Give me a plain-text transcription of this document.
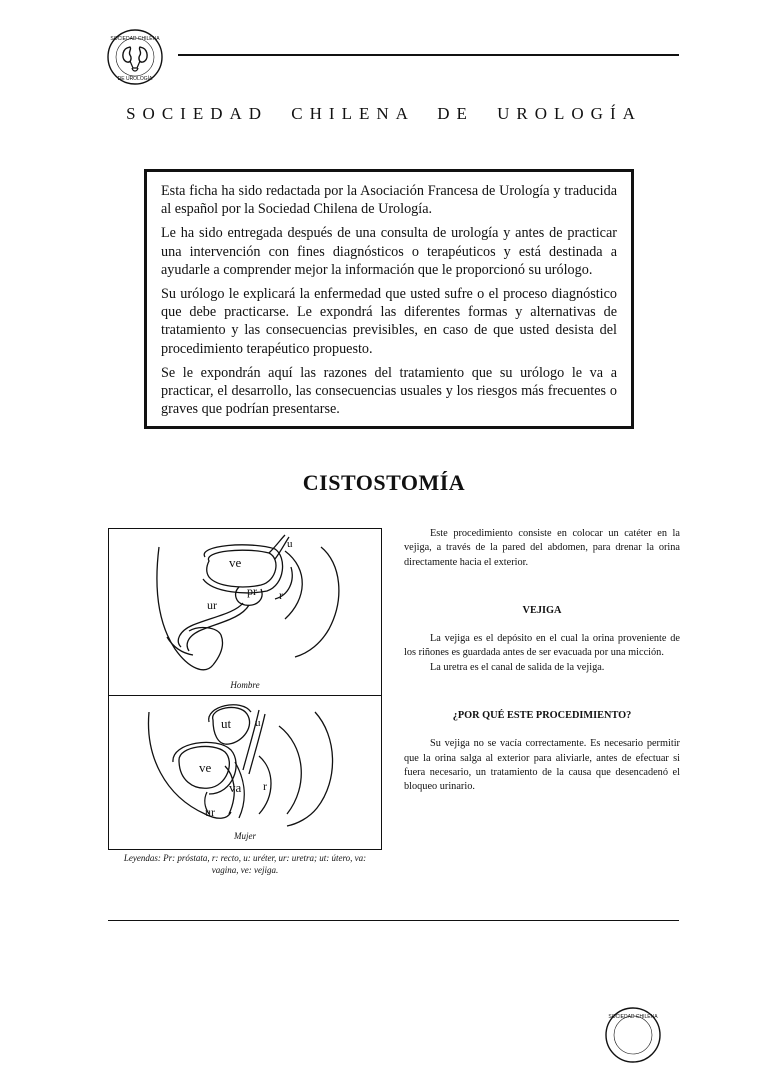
SOCIEDAD CHILENA
DE UROLOGÍA
SOCIEDAD CHILENA DE UROLOGÍA

Esta ficha ha sido redactada por la Asociación Francesa de Urología y traducida al español por la Sociedad Chilena de Urología.

Le ha sido entregada después de una consulta de urología y antes de practicar una intervención con fines diagnósticos o terapéuticos y está destinada a ayudarle a comprender mejor la información que le proporcionó su urólogo.

Su urólogo le explicará la enfermedad que usted sufre o el proceso diagnóstico que debe practicarse. Le expondrá las diferentes formas y alternativas de tratamiento y las consecuencias previsibles, en caso de que usted desista del procedimiento terapéutico propuesto.

Se le expondrán aquí las razones del tratamiento que su urólogo le va a practicar, el desarrollo, las consecuencias usuales y los riesgos más frecuentes o graves que podrían presentarse.

CISTOSTOMÍA
ve
u
pr r
ur
Hombre
ut u
ve
va r
ur
Mujer
Leyendas: Pr: próstata, r: recto, u: uréter, ur: uretra; ut: útero, va: vagina, ve: vejiga.

Este procedimiento consiste en colocar un catéter en la vejiga, a través de la pared del abdomen, para drenar la orina directamente hacia el exterior.

VEJIGA

La vejiga es el depósito en el cual la orina proveniente de los riñones es guardada antes de ser evacuada por una micción.

La uretra es el canal de salida de la vejiga.

¿POR QUÉ ESTE PROCEDIMIENTO?

Su vejiga no se vacía correctamente. Es necesario permitir que la orina salga al exterior para aliviarle, antes de efectuar si fuera necesario, un tratamiento de la causa que desencadenó el bloqueo urinario.

SOCIEDAD CHILENA
